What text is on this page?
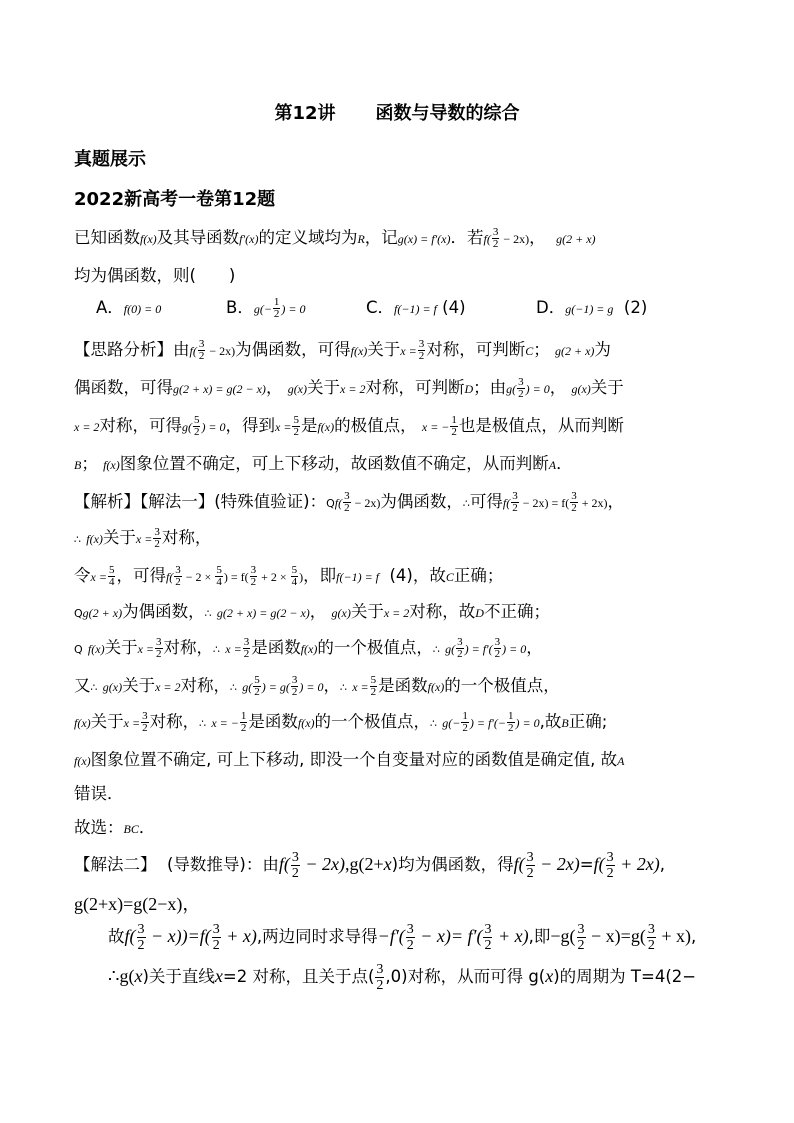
第12讲 函数与导数的综合
真题展示
2022新高考一卷第12题
已知函数f(x)及其导函数f′(x)的定义域均为R，记g(x) = f′(x)．若$f( \frac{3}{2} - 2x)$， g(2 + x)
均为偶函数，则(　　)
A．f(0) = 0	B．$g(- \frac{1}{2}$ ) = 0	C．f(−1) = f (4)	D．g(−1) = g (2)
【思路分析】由$f( \frac{3}{2} - 2x)$为偶函数，可得f(x)关于$x = \frac{3}{2}$ 对称，可判断C； g(2 + x)为
偶函数，可得g(2 + x) = g(2 − x)， g(x)关于x = 2对称，可判断D；由$g( \frac{3}{2}$ ) = 0， g(x)关于
x = 2对称，可得$g( \frac{5}{2}$ ) = 0，得到$x = \frac{5}{2}$ 是f(x)的极值点， x = − $\frac{1}{2}$ 也是极值点，从而判断
B； f(x)图象位置不确定，可上下移动，故函数值不确定，从而判断A．
【解析】【解法一】(特殊值验证)：$Qf( \frac{3}{2} - 2x)$为偶函数，∴可得$f( \frac{3}{2} - 2x) = f( \frac{3}{2} + 2x)$，
∴ f(x)关于$x = \frac{3}{2}$ 对称，
令$x = \frac{5}{4}$ ，可得$f( \frac{3}{2} - 2 \times \frac{5}{4}$ ) = $f( \frac{3}{2} + 2 \times \frac{5}{4}$ )，即f(−1) = f (4)，故C正确；
Qg(2 + x)为偶函数，∴ g(2 + x) = g(2 − x)， g(x)关于x = 2对称，故D不正确；
Q f(x)关于$x = \frac{3}{2}$ 对称，∴ $x = \frac{3}{2}$ 是函数f(x)的一个极值点，∴ $g( \frac{3}{2}$ ) = $f'( \frac{3}{2}$ ) = 0，
又∴ g(x)关于x = 2对称，∴ $g( \frac{5}{2}$ ) = $g( \frac{3}{2}$ ) = 0，∴ $x = \frac{5}{2}$ 是函数f(x)的一个极值点，
f(x)关于$x = \frac{3}{2}$ 对称，∴ x = − $\frac{1}{2}$ 是函数f(x)的一个极值点，∴ $g(- \frac{1}{2}$ ) = $f'(- \frac{1}{2}$ ) = 0,故B正确;
f(x)图象位置不确定, 可上下移动, 即没一个自变量对应的函数值是确定值, 故A
错误．
故选：BC．
【解法二】 (导数推导)：由$f( \frac{3}{2} - 2x),g(2+x)$均为偶函数，得$f( \frac{3}{2} - 2x)=f( \frac{3}{2} + 2x)$,
g(2+x)=g(2−x)，
故$f( \frac{3}{2} - x))=f( \frac{3}{2} + x)$,两边同时求导得$-f'( \frac{3}{2} - x)= f'( \frac{3}{2} + x)$,即$-g( \frac{3}{2} - x)=g( \frac{3}{2} + x)$,
∴g(x)关于直线x=2 对称，且关于点( $\frac{3}{2} ,0$)对称，从而可得 g(x)的周期为 T=4(2−
